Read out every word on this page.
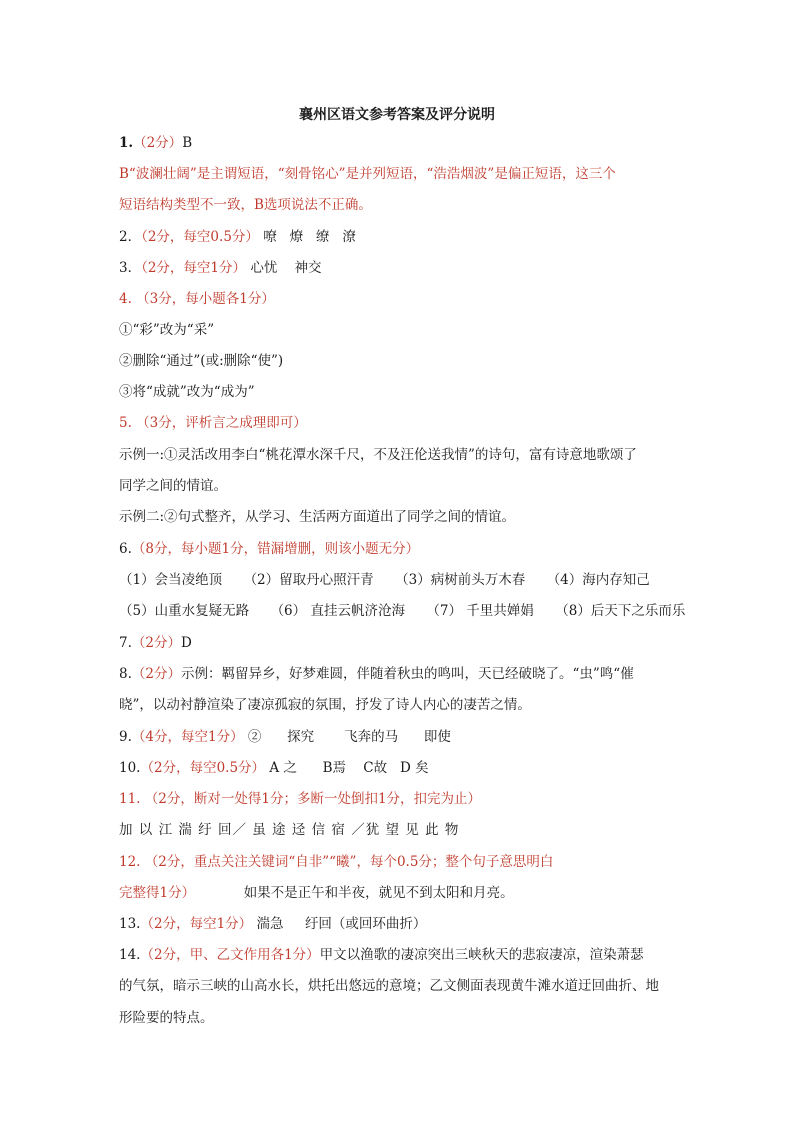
襄州区语文参考答案及评分说明
1.（2分）B
B“波澜壮阔”是主谓短语，“刻骨铭心”是并列短语，“浩浩烟波”是偏正短语，这三个
短语结构类型不一致，B选项说法不正确。
2．（2分，每空0.5分） 嘹 燎 缭 潦
3．（2分，每空1分） 心忧 神交
4. （3分，每小题各1分）
①“彩”改为“采”
②删除“通过”(或:删除“使”)
③将“成就”改为“成为”
5. （3分，评析言之成理即可）
示例一:①灵活改用李白“桃花潭水深千尺，不及汪伦送我情”的诗句，富有诗意地歌颂了
同学之间的情谊。
示例二:②句式整齐，从学习、生活两方面道出了同学之间的情谊。
6.（8分，每小题1分，错漏增删，则该小题无分）
（1）会当凌绝顶 （2）留取丹心照汗青 （3）病树前头万木春 （4）海内存知己
（5）山重水复疑无路 （6） 直挂云帆济沧海 （7） 千里共婵娟 （8）后天下之乐而乐
7.（2分）D
8.（2分）示例：羁留异乡，好梦难圆，伴随着秋虫的鸣叫，天已经破晓了。“虫”鸣“催
晓”，以动衬静渲染了凄凉孤寂的氛围，抒发了诗人内心的凄苦之情。
9.（4分，每空1分） ② 探究 飞奔的马 即使
10.（2分，每空0.5分） A 之 B焉 C故 D 矣
11. （2分，断对一处得1分；多断一处倒扣1分，扣完为止）
加 以 江 湍 纡 回／ 虽 途 迳 信 宿 ／犹 望 见 此 物
12. （2分，重点关注关键词“自非”“曦”，每个0.5分；整个句子意思明白
完整得1分）	如果不是正午和半夜，就见不到太阳和月亮。
13.（2分，每空1分） 湍急 纡回（或回环曲折）
14.（2分，甲、乙文作用各1分）甲文以渔歌的凄凉突出三峡秋天的悲寂凄凉，渲染萧瑟
的气氛，暗示三峡的山高水长，烘托出悠远的意境；乙文侧面表现黄牛滩水道迂回曲折、地
形险要的特点。
